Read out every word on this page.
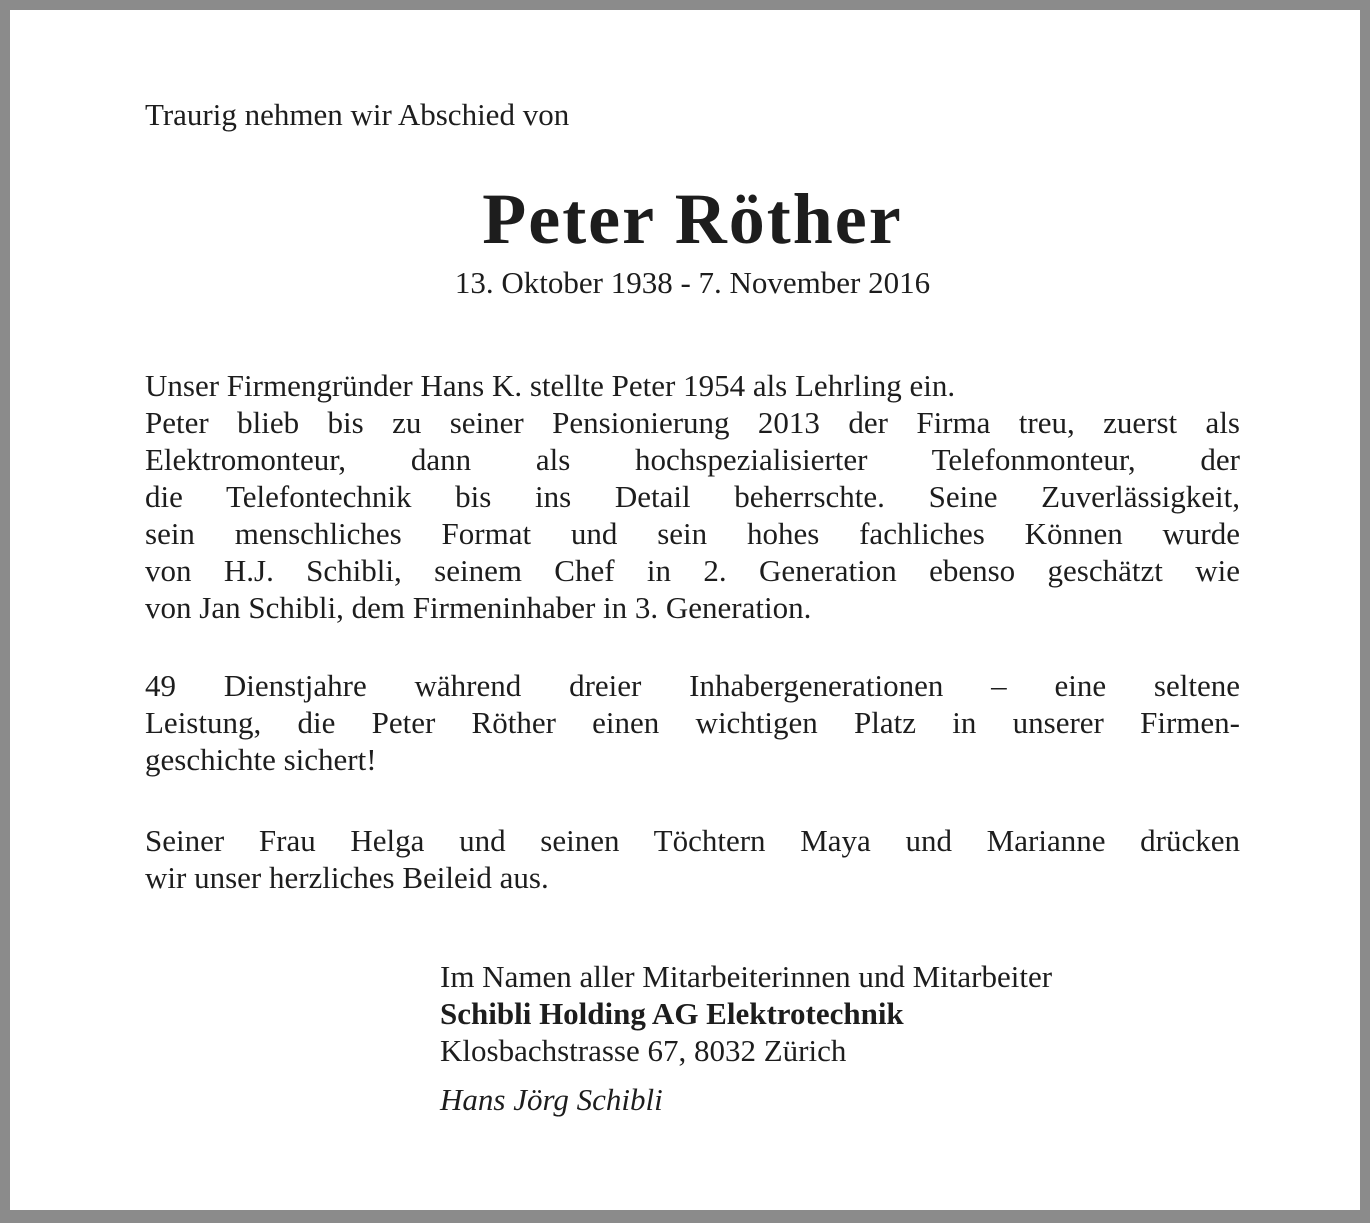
Traurig nehmen wir Abschied von
Peter Röther
13. Oktober 1938 - 7. November 2016
Unser Firmengründer Hans K. stellte Peter 1954 als Lehrling ein.
Peter blieb bis zu seiner Pensionierung 2013 der Firma treu, zuerst als
Elektromonteur, dann als hochspezialisierter Telefonmonteur, der
die Telefontechnik bis ins Detail beherrschte. Seine Zuverlässigkeit,
sein menschliches Format und sein hohes fachliches Können wurde
von H.J. Schibli, seinem Chef in 2. Generation ebenso geschätzt wie
von Jan Schibli, dem Firmeninhaber in 3. Generation.
49 Dienstjahre während dreier Inhabergenerationen – eine seltene
Leistung, die Peter Röther einen wichtigen Platz in unserer Firmen-
geschichte sichert!
Seiner Frau Helga und seinen Töchtern Maya und Marianne drücken
wir unser herzliches Beileid aus.
Im Namen aller Mitarbeiterinnen und Mitarbeiter
Schibli Holding AG Elektrotechnik
Klosbachstrasse 67, 8032 Zürich
Hans Jörg Schibli
